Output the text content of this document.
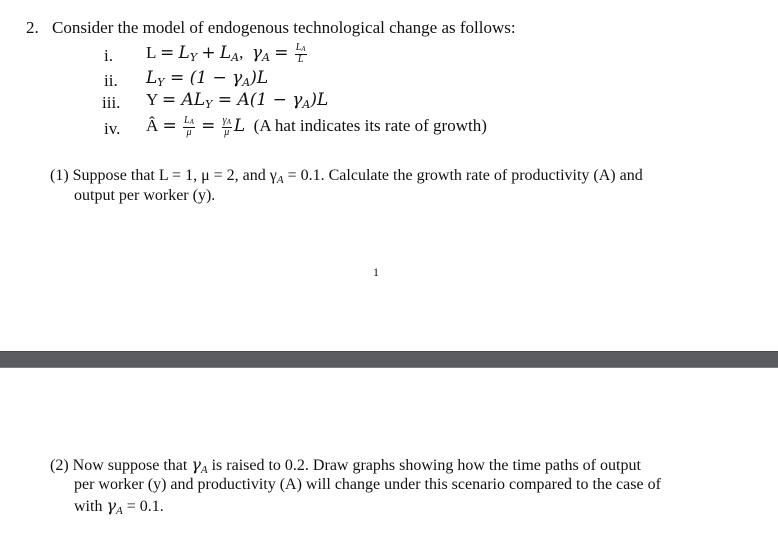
2. Consider the model of endogenous technological change as follows:
i. $L = L_Y + L_A$,  $\gamma_A = \frac{LA}{L}$
ii. $L_Y = (1 - \gamma_A)L$
iii. $Y = AL_Y = A(1 - \gamma_A)L$
iv. Â = $\frac{LA}{\mu} = \frac{\gamma A}{\mu}$ L (A hat indicates its rate of growth)
(1) Suppose that L = 1, μ = 2, and $\gamma_A = 0.1$. Calculate the growth rate of productivity (A) and
output per worker (y).
1
(2) Now suppose that $\gamma_A$ is raised to 0.2. Draw graphs showing how the time paths of output
per worker (y) and productivity (A) will change under this scenario compared to the case of
with $\gamma_A = 0.1$.
